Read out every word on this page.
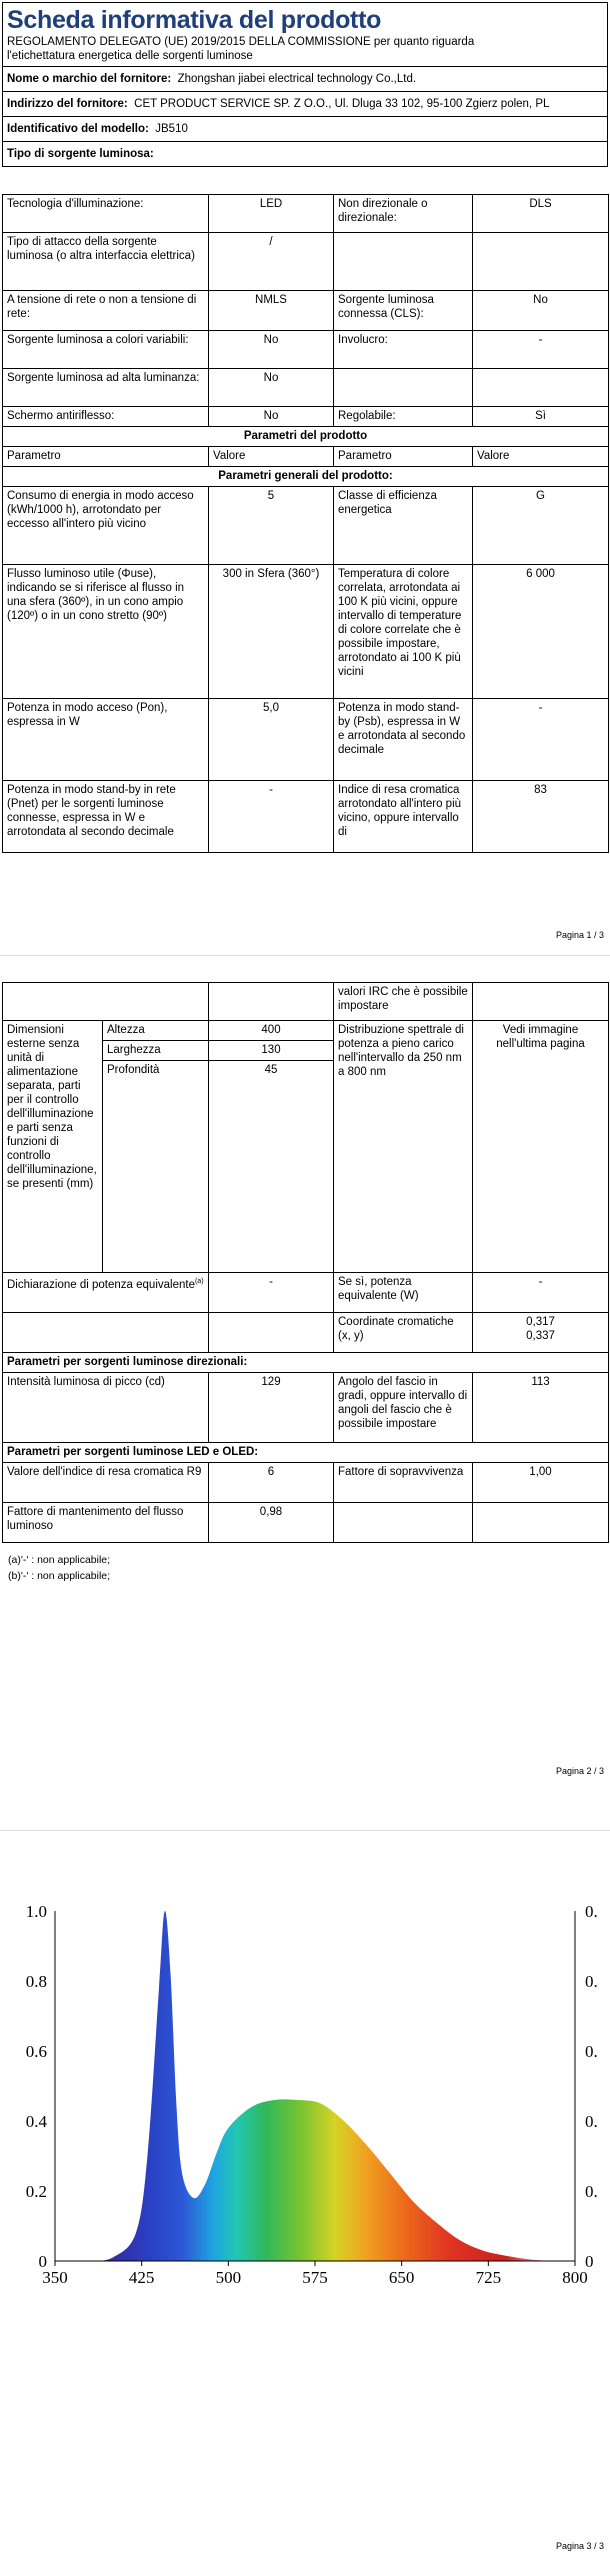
Scheda informativa del prodotto
REGOLAMENTO DELEGATO (UE) 2019/2015 DELLA COMMISSIONE per quanto riguarda
l'etichettatura energetica delle sorgenti luminose
Nome o marchio del fornitore: Zhongshan jiabei electrical technology Co.,Ltd.
Indirizzo del fornitore: CET PRODUCT SERVICE SP. Z O.O., Ul. Dluga 33 102, 95-100 Zgierz polen, PL
Identificativo del modello: JB510
Tipo di sorgente luminosa:
Tecnologia d'illuminazione:	LED	Non direzionale o direzionale:	DLS
Tipo di attacco della sorgente luminosa (o altra interfaccia elettrica)	/		
A tensione di rete o non a tensione di rete:	NMLS	Sorgente luminosa connessa (CLS):	No
Sorgente luminosa a colori variabili:	No	Involucro:	-
Sorgente luminosa ad alta luminanza:	No		
Schermo antiriflesso:	No	Regolabile:	Sì
Parametri del prodotto			
Parametro	Valore	Parametro	Valore
Parametri generali del prodotto:			
Consumo di energia in modo acceso (kWh/1000 h), arrotondato per eccesso all'intero più vicino	5	Classe di efficienza energetica	G
Flusso luminoso utile (Φuse), indicando se si riferisce al flusso in una sfera (360º), in un cono ampio (120º) o in un cono stretto (90º)	300 in Sfera (360°)	Temperatura di colore correlata, arrotondata ai 100 K più vicini, oppure intervallo di temperature di colore correlate che è possibile impostare, arrotondato ai 100 K più vicini	6 000
Potenza in modo acceso (Pon), espressa in W	5,0	Potenza in modo stand-by (Psb), espressa in W e arrotondata al secondo decimale	-
Potenza in modo stand-by in rete (Pnet) per le sorgenti luminose connesse, espressa in W e arrotondata al secondo decimale	-	Indice di resa cromatica arrotondato all'intero più vicino, oppure intervallo di	83
Pagina 1 / 3
			valori IRC che è possibile impostare	
Dimensioni esterne senza unità di alimentazione separata, parti per il controllo dell'illuminazione e parti senza funzioni di controllo dell'illuminazione, se presenti (mm)	Altezza	400	Distribuzione spettrale di potenza a pieno carico nell'intervallo da 250 nm a 800 nm	Vedi immagine nell'ultima pagina
	Larghezza	130		
	Profondità	45		
Dichiarazione di potenza equivalente$^{(a)}$		-	Se sì, potenza equivalente (W)	-
			Coordinate cromatiche (x, y)	0,317
0,337

Parametri per sorgenti luminose direzionali:				
Intensità luminosa di picco (cd)		129	Angolo del fascio in gradi, oppure intervallo di angoli del fascio che è possibile impostare	113
Parametri per sorgenti luminose LED e OLED:				
Valore dell'indice di resa cromatica R9		6	Fattore di sopravvivenza	1,00
Fattore di mantenimento del flusso luminoso		0,98		
(a)'-' : non applicabile;
(b)'-' : non applicabile;
Pagina 2 / 3
350	425	500	575	650	725	800
0
0.2
0.4
0.6
0.8
1.0
0
0.
0.
0.
0.
0.
Pagina 3 / 3
